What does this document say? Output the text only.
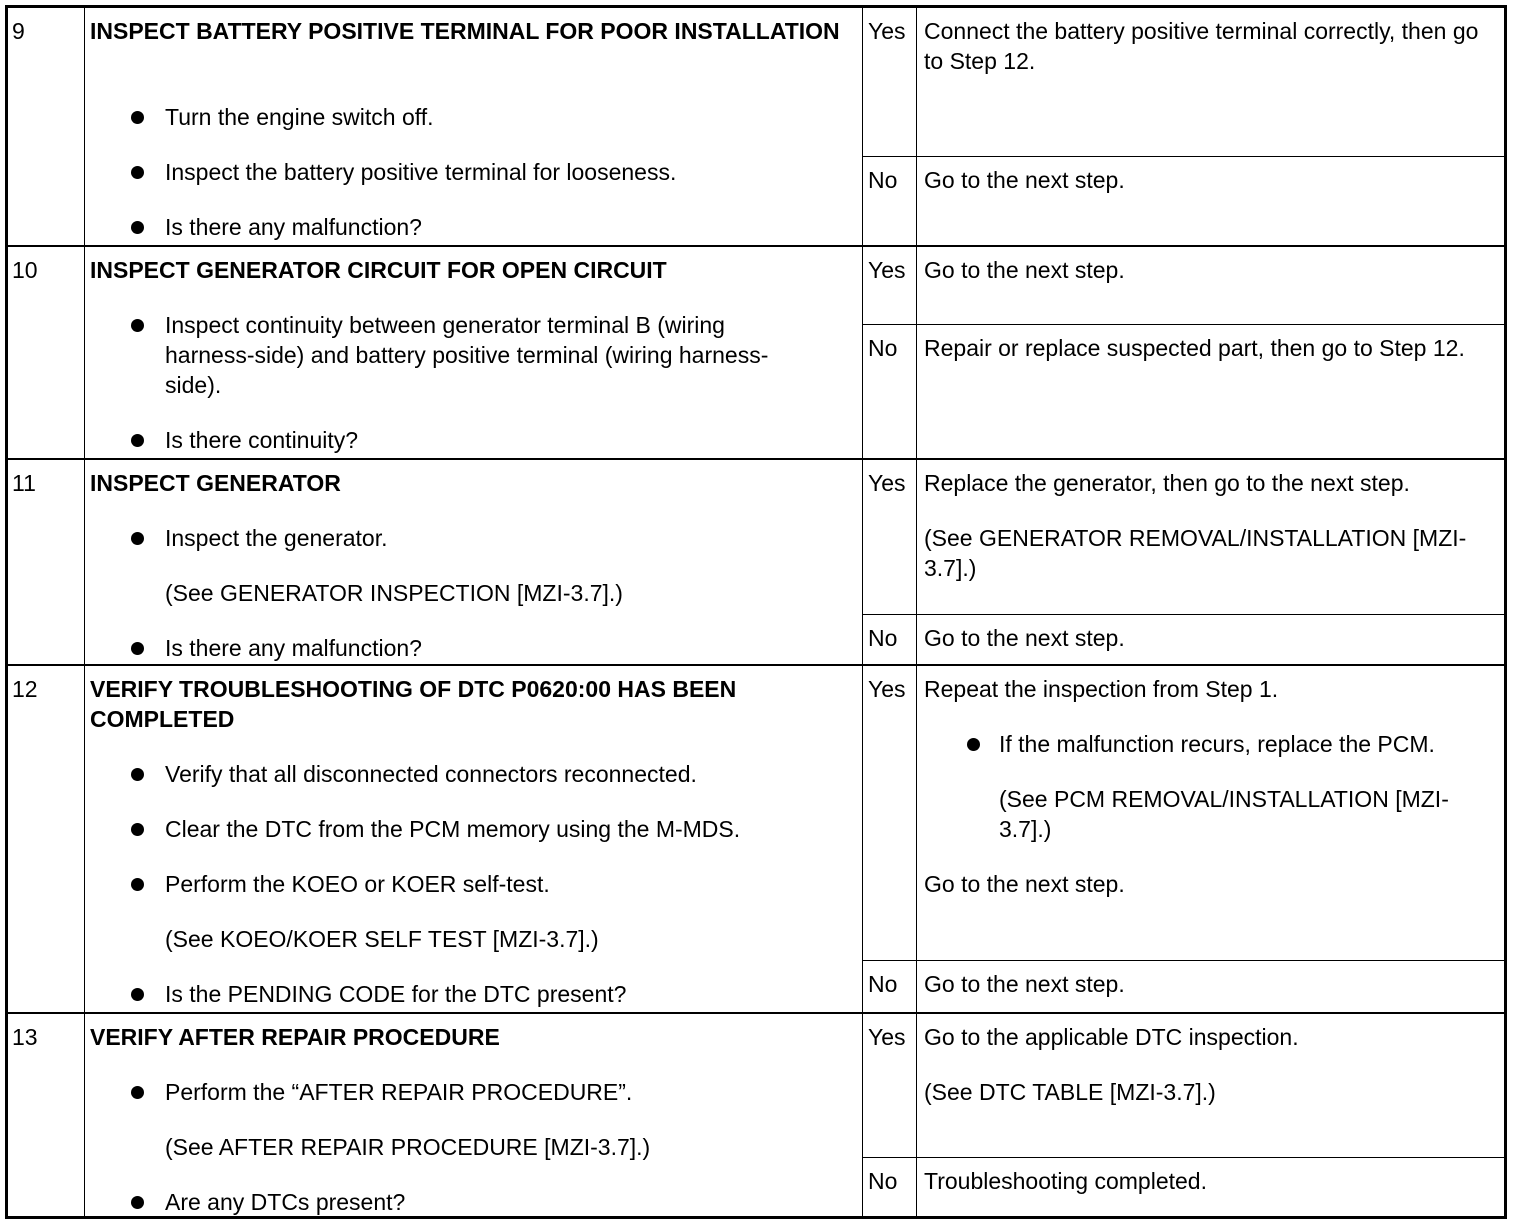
9	INSPECT BATTERY POSITIVE TERMINAL FOR POOR INSTALLATION
Turn the engine switch off.
Inspect the battery positive terminal for looseness.
Is there any malfunction?
Yes Connect the battery positive terminal correctly, then go to Step 12.
No Go to the next step.
10 INSPECT GENERATOR CIRCUIT FOR OPEN CIRCUIT
Inspect continuity between generator terminal B (wiring harness-side) and battery positive terminal (wiring harness-side).
Is there continuity?
Yes Go to the next step.
No Repair or replace suspected part, then go to Step 12.
11 INSPECT GENERATOR
Inspect the generator.
(See GENERATOR INSPECTION [MZI-3.7].)
Is there any malfunction?
Yes Replace the generator, then go to the next step.
(See GENERATOR REMOVAL/INSTALLATION [MZI-3.7].)
No Go to the next step.
12 VERIFY TROUBLESHOOTING OF DTC P0620:00 HAS BEEN COMPLETED
Verify that all disconnected connectors reconnected.
Clear the DTC from the PCM memory using the M-MDS.
Perform the KOEO or KOER self-test.
(See KOEO/KOER SELF TEST [MZI-3.7].)
Is the PENDING CODE for the DTC present?
Yes Repeat the inspection from Step 1.
If the malfunction recurs, replace the PCM.
(See PCM REMOVAL/INSTALLATION [MZI-3.7].)
Go to the next step.
No Go to the next step.
13 VERIFY AFTER REPAIR PROCEDURE
Perform the “AFTER REPAIR PROCEDURE”.
(See AFTER REPAIR PROCEDURE [MZI-3.7].)
Are any DTCs present?
Yes Go to the applicable DTC inspection.
(See DTC TABLE [MZI-3.7].)
No Troubleshooting completed.
